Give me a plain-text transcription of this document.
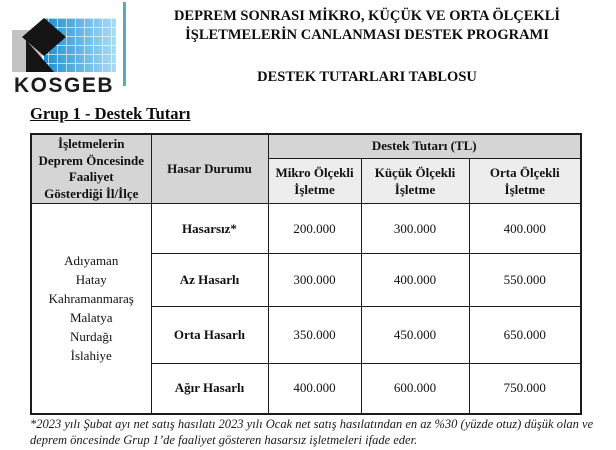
KOSGEB
DEPREM SONRASI MİKRO, KÜÇÜK VE ORTA ÖLÇEKLİ
İŞLETMELERİN CANLANMASI DESTEK PROGRAMI
DESTEK TUTARLARI TABLOSU
Grup 1 - Destek Tutarı
İşletmelerin
Deprem Öncesinde
Faaliyet
Gösterdiği İl/İlçe	Hasar Durumu	Destek Tutarı (TL)		
		Mikro Ölçekli İşletme	Küçük Ölçekli İşletme	Orta Ölçekli İşletme

Adıyaman
Hatay
Kahramanmaraş
Malatya
Nurdağı
İslahiye
	Hasarsız*	200.000	300.000	400.000
	Az Hasarlı	300.000	400.000	550.000
	Orta Hasarlı	350.000	450.000	650.000
	Ağır Hasarlı	400.000	600.000	750.000
*2023 yılı Şubat ayı net satış hasılatı 2023 yılı Ocak net satış hasılatından en az %30 (yüzde otuz) düşük olan ve
deprem öncesinde Grup 1’de faaliyet gösteren hasarsız işletmeleri ifade eder.
